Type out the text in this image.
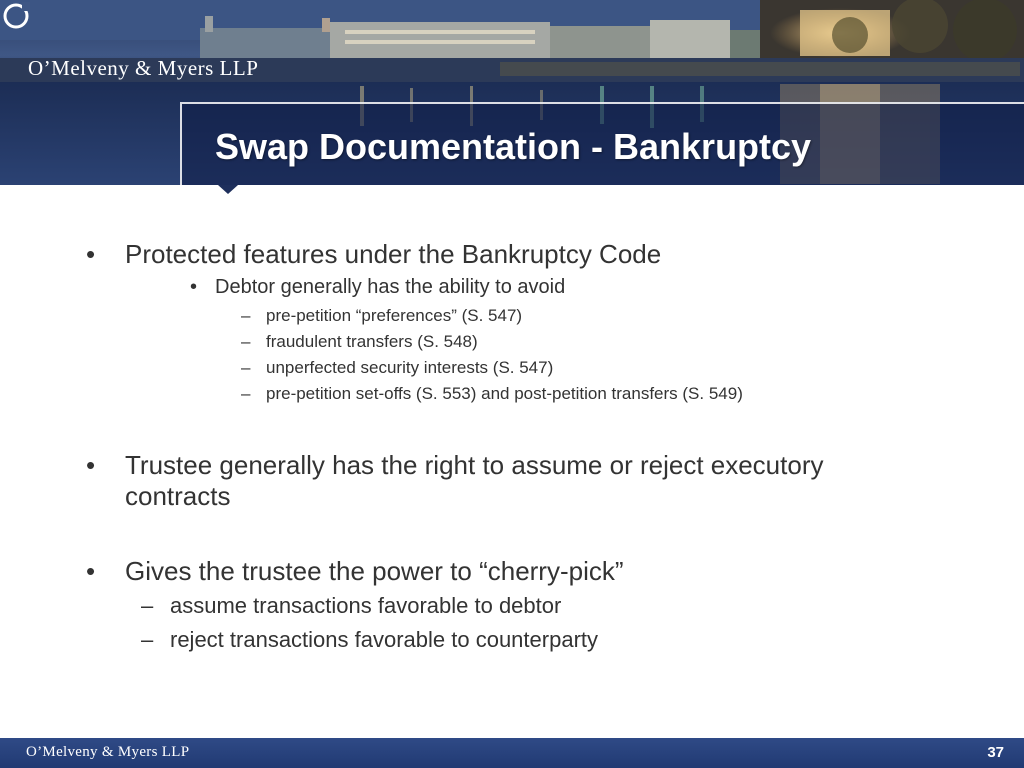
O’Melveny & Myers LLP
Swap Documentation - Bankruptcy
• Protected features under the Bankruptcy Code
• Debtor generally has the ability to avoid
– pre-petition “preferences” (S. 547)
– fraudulent transfers (S. 548)
– unperfected security interests (S. 547)
– pre-petition set-offs (S. 553) and post-petition transfers (S. 549)
• Trustee generally has the right to assume or reject executory
contracts
• Gives the trustee the power to “cherry-pick”
– assume transactions favorable to debtor
– reject transactions favorable to counterparty
O’Melveny & Myers LLP	37
